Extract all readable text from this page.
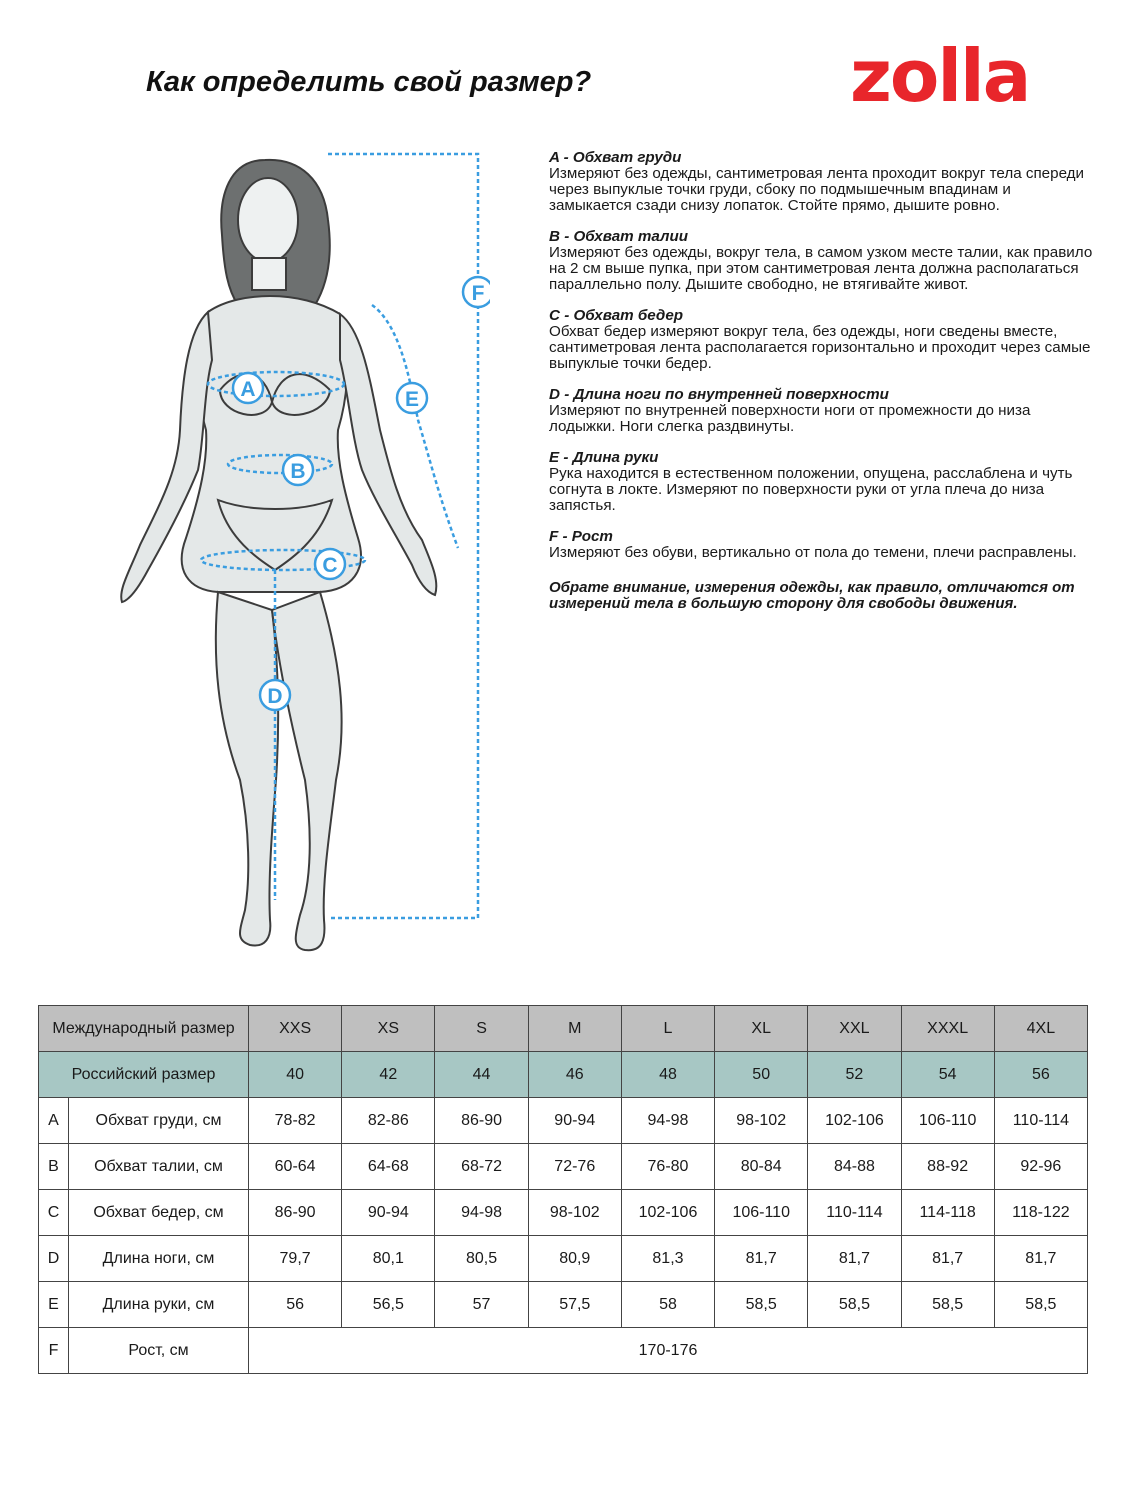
Как определить свой размер?	zolla
A
B
C
D
E
F
A - Обхват груди
Измеряют без одежды, сантиметровая лента проходит вокруг тела спереди через выпуклые точки груди, сбоку по подмышечным впадинам и замыкается сзади снизу лопаток. Стойте прямо, дышите ровно.
B - Обхват талии
Измеряют без одежды, вокруг тела, в самом узком месте талии, как правило на 2 см выше пупка, при этом сантиметровая лента должна располагаться параллельно полу. Дышите свободно, не втягивайте живот.
C - Обхват бедер
Обхват бедер измеряют вокруг тела, без одежды, ноги сведены вместе, сантиметровая лента располагается горизонтально и проходит через самые выпуклые точки бедер.
D - Длина ноги по внутренней поверхности
Измеряют по внутренней поверхности ноги от промежности до низа лодыжки. Ноги слегка раздвинуты.
E - Длина руки
Рука находится в естественном положении, опущена, расслаблена и чуть согнута в локте. Измеряют по поверхности руки от угла плеча до низа запястья.
F - Рост
Измеряют без обуви, вертикально от пола до темени, плечи расправлены.
Обрате внимание, измерения одежды, как правило, отличаются от измерений тела в большую сторону для свободы движения.
Международный размер		XXS	XS	S	M	L	XL	XXL	XXXL	4XL
Российский размер		40	42	44	46	48	50	52	54	56
A	Обхват груди, см	78-82	82-86	86-90	90-94	94-98	98-102	102-106	106-110	110-114
B	Обхват талии, см	60-64	64-68	68-72	72-76	76-80	80-84	84-88	88-92	92-96
C	Обхват бедер, см	86-90	90-94	94-98	98-102	102-106	106-110	110-114	114-118	118-122
D	Длина ноги, см	79,7	80,1	80,5	80,9	81,3	81,7	81,7	81,7	81,7
E	Длина руки, см	56	56,5	57	57,5	58	58,5	58,5	58,5	58,5
F	Рост, см	170-176								
